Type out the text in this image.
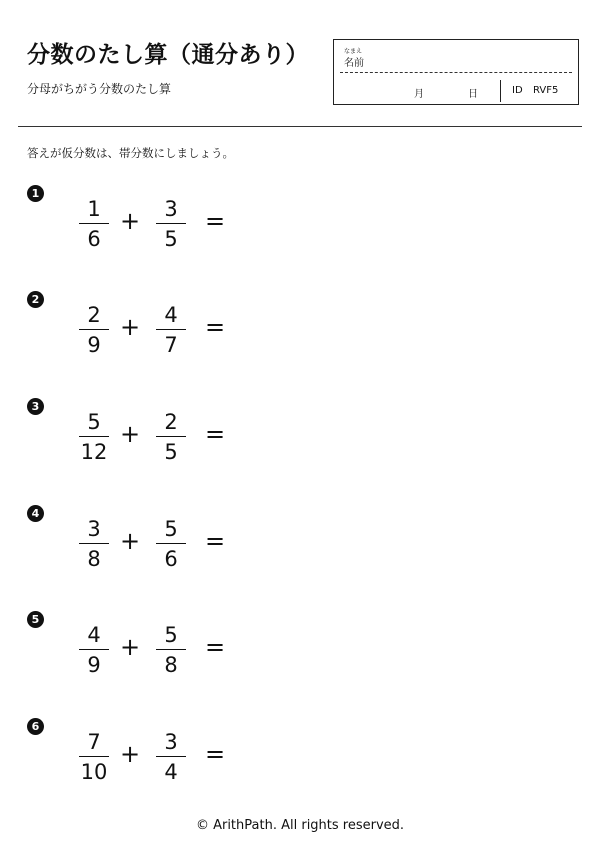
分数のたし算（通分あり）
分母がちがう分数のたし算
なまえ
名前
月	日	ID RVF5
答えが仮分数は、帯分数にしましょう。
1
1
6
+	3
5
=
2
2
9
+	4
7
=
3
5
12
+	2
5
=
4
3
8
+	5
6
=
5
4
9
+	5
8
=
6
7
10
+	3
4
=
© ArithPath. All rights reserved.
